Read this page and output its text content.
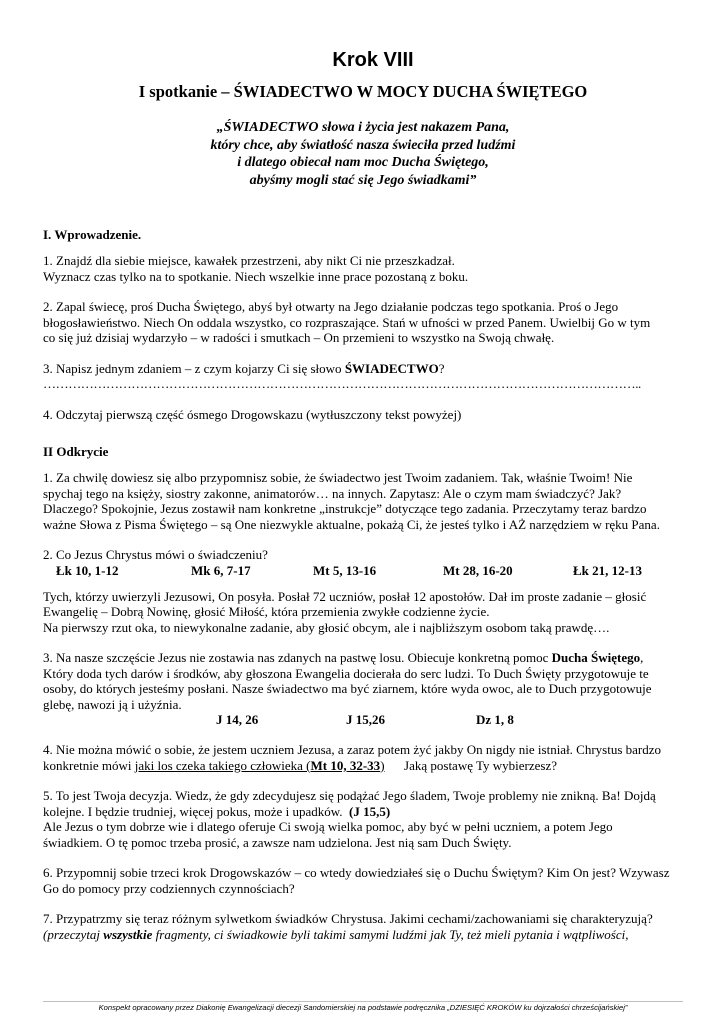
Krok VIII
I spotkanie – ŚWIADECTWO W MOCY DUCHA ŚWIĘTEGO
„ŚWIADECTWO słowa i życia jest nakazem Pana,
który chce, aby światłość nasza świeciła przed ludźmi
i dlatego obiecał nam moc Ducha Świętego,
abyśmy mogli stać się Jego świadkami”
I. Wprowadzenie.

1. Znajdź dla siebie miejsce, kawałek przestrzeni, aby nikt Ci nie przeszkadzał.

Wyznacz czas tylko na to spotkanie. Niech wszelkie inne prace pozostaną z boku.

2. Zapal świecę, proś Ducha Świętego, abyś był otwarty na Jego działanie podczas tego spotkania. Proś o Jego

błogosławieństwo. Niech On oddala wszystko, co rozpraszające. Stań w ufności w przed Panem. Uwielbij Go w tym

co się już dzisiaj wydarzyło – w radości i smutkach – On przemieni to wszystko na Swoją chwałę.

3. Napisz jednym zdaniem – z czym kojarzy Ci się słowo ŚWIADECTWO?

……………………………………………………………………………………………………………………………..

4. Odczytaj pierwszą część ósmego Drogowskazu (wytłuszczony tekst powyżej)

II Odkrycie

1. Za chwilę dowiesz się albo przypomnisz sobie, że świadectwo jest Twoim zadaniem. Tak, właśnie Twoim! Nie

spychaj tego na księży, siostry zakonne, animatorów… na innych. Zapytasz: Ale o czym mam świadczyć? Jak?

Dlaczego? Spokojnie, Jezus zostawił nam konkretne „instrukcje” dotyczące tego zadania. Przeczytamy teraz bardzo

ważne Słowa z Pisma Świętego – są One niezwykle aktualne, pokażą Ci, że jesteś tylko i AŻ narzędziem w ręku Pana.

2. Co Jezus Chrystus mówi o świadczeniu?

Łk 10, 1-12	Mk 6, 7-17	Mt 5, 13-16	Mt 28, 16-20	Łk 21, 12-13

Tych, którzy uwierzyli Jezusowi, On posyła. Posłał 72 uczniów, posłał 12 apostołów. Dał im proste zadanie – głosić

Ewangelię – Dobrą Nowinę, głosić Miłość, która przemienia zwykłe codzienne życie.

Na pierwszy rzut oka, to niewykonalne zadanie, aby głosić obcym, ale i najbliższym osobom taką prawdę….

3. Na nasze szczęście Jezus nie zostawia nas zdanych na pastwę losu. Obiecuje konkretną pomoc Ducha Świętego,

Który doda tych darów i środków, aby głoszona Ewangelia docierała do serc ludzi. To Duch Święty przygotowuje te

osoby, do których jesteśmy posłani. Nasze świadectwo ma być ziarnem, które wyda owoc, ale to Duch przygotowuje

glebę, nawozi ją i użyźnia.

J 14, 26	J 15,26	Dz 1, 8

4. Nie można mówić o sobie, że jestem uczniem Jezusa, a zaraz potem żyć jakby On nigdy nie istniał. Chrystus bardzo

konkretnie mówi jaki los czeka takiego człowieka (Mt 10, 32-33)      Jaką postawę Ty wybierzesz?

5. To jest Twoja decyzja. Wiedz, że gdy zdecydujesz się podążać Jego śladem, Twoje problemy nie znikną. Ba! Dojdą

kolejne. I będzie trudniej, więcej pokus, może i upadków.  (J 15,5)

Ale Jezus o tym dobrze wie i dlatego oferuje Ci swoją wielka pomoc, aby być w pełni uczniem, a potem Jego

świadkiem. O tę pomoc trzeba prosić, a zawsze nam udzielona. Jest nią sam Duch Święty.

6. Przypomnij sobie trzeci krok Drogowskazów – co wtedy dowiedziałeś się o Duchu Świętym? Kim On jest? Wzywasz

Go do pomocy przy codziennych czynnościach?

7. Przypatrzmy się teraz różnym sylwetkom świadków Chrystusa. Jakimi cechami/zachowaniami się charakteryzują?

(przeczytaj wszystkie fragmenty, ci świadkowie byli takimi samymi ludźmi jak Ty, też mieli pytania i wątpliwości,

Konspekt opracowany przez Diakonię Ewangelizacji diecezji Sandomierskiej na podstawie podręcznika „DZIESIĘĆ KROKÓW ku dojrzałości chrześcijańskiej”
